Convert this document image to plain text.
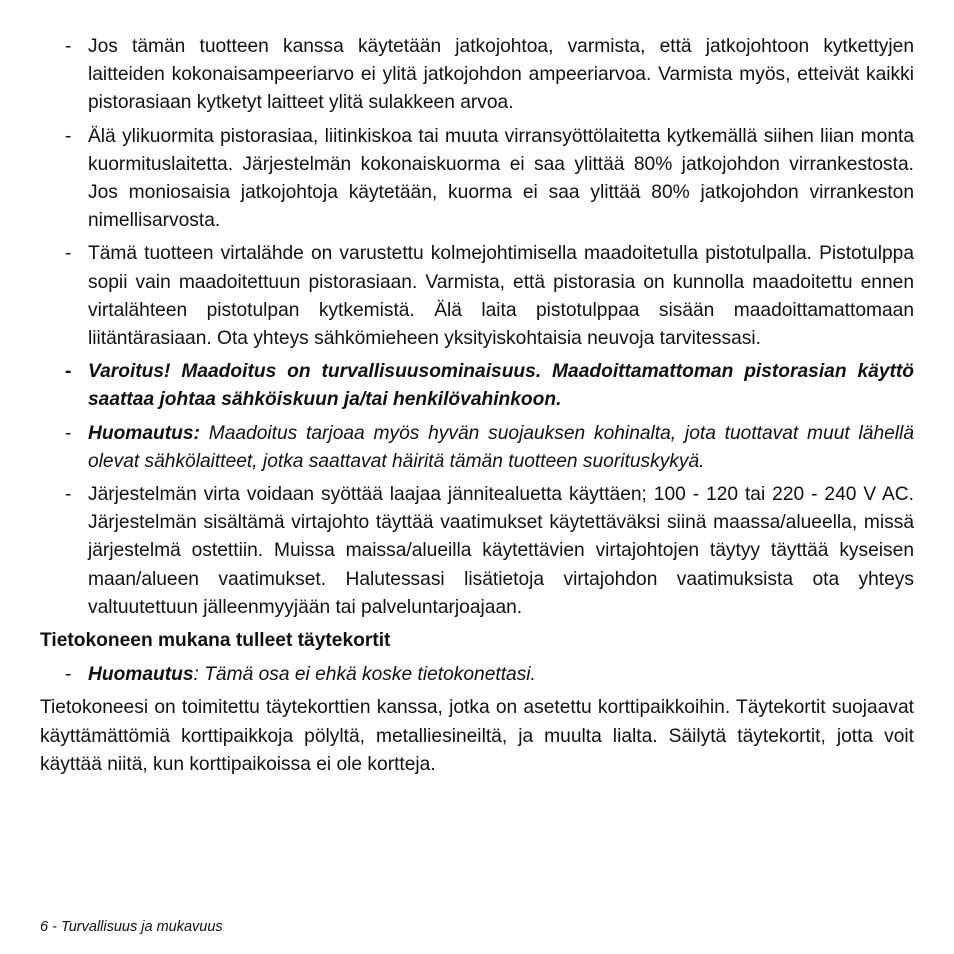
- Jos tämän tuotteen kanssa käytetään jatkojohtoa, varmista, että jatkojohtoon kytkettyjen laitteiden kokonaisampeeriarvo ei ylitä jatkojohdon ampeeriarvoa. Varmista myös, etteivät kaikki pistorasiaan kytketyt laitteet ylitä sulakkeen arvoa.
- Älä ylikuormita pistorasiaa, liitinkiskoa tai muuta virransyöttölaitetta kytkemällä siihen liian monta kuormituslaitetta. Järjestelmän kokonaiskuorma ei saa ylittää 80% jatkojohdon virrankestosta. Jos moniosaisia jatkojohtoja käytetään, kuorma ei saa ylittää 80% jatkojohdon virrankeston nimellisarvosta.
- Tämä tuotteen virtalähde on varustettu kolmejohtimisella maadoitetulla pistotulpalla. Pistotulppa sopii vain maadoitettuun pistorasiaan. Varmista, että pistorasia on kunnolla maadoitettu ennen virtalähteen pistotulpan kytkemistä. Älä laita pistotulppaa sisään maadoittamattomaan liitäntärasiaan. Ota yhteys sähkömieheen yksityiskohtaisia neuvoja tarvitessasi.
- Varoitus! Maadoitus on turvallisuusominaisuus. Maadoittamattoman pistorasian käyttö saattaa johtaa sähköiskuun ja/tai henkilövahinkoon.
- Huomautus: Maadoitus tarjoaa myös hyvän suojauksen kohinalta, jota tuottavat muut lähellä olevat sähkölaitteet, jotka saattavat häiritä tämän tuotteen suorituskykyä.
- Järjestelmän virta voidaan syöttää laajaa jännitealuetta käyttäen; 100 - 120 tai 220 - 240 V AC. Järjestelmän sisältämä virtajohto täyttää vaatimukset käytettäväksi siinä maassa/alueella, missä järjestelmä ostettiin. Muissa maissa/alueilla käytettävien virtajohtojen täytyy täyttää kyseisen maan/alueen vaatimukset. Halutessasi lisätietoja virtajohdon vaatimuksista ota yhteys valtuutettuun jälleenmyyjään tai palveluntarjoajaan.
Tietokoneen mukana tulleet täytekortit
- Huomautus: Tämä osa ei ehkä koske tietokonettasi.
Tietokoneesi on toimitettu täytekorttien kanssa, jotka on asetettu korttipaikkoihin. Täytekortit suojaavat käyttämättömiä korttipaikkoja pölyltä, metalliesineiltä, ja muulta lialta. Säilytä täytekortit, jotta voit käyttää niitä, kun korttipaikoissa ei ole kortteja.
6 - Turvallisuus ja mukavuus
